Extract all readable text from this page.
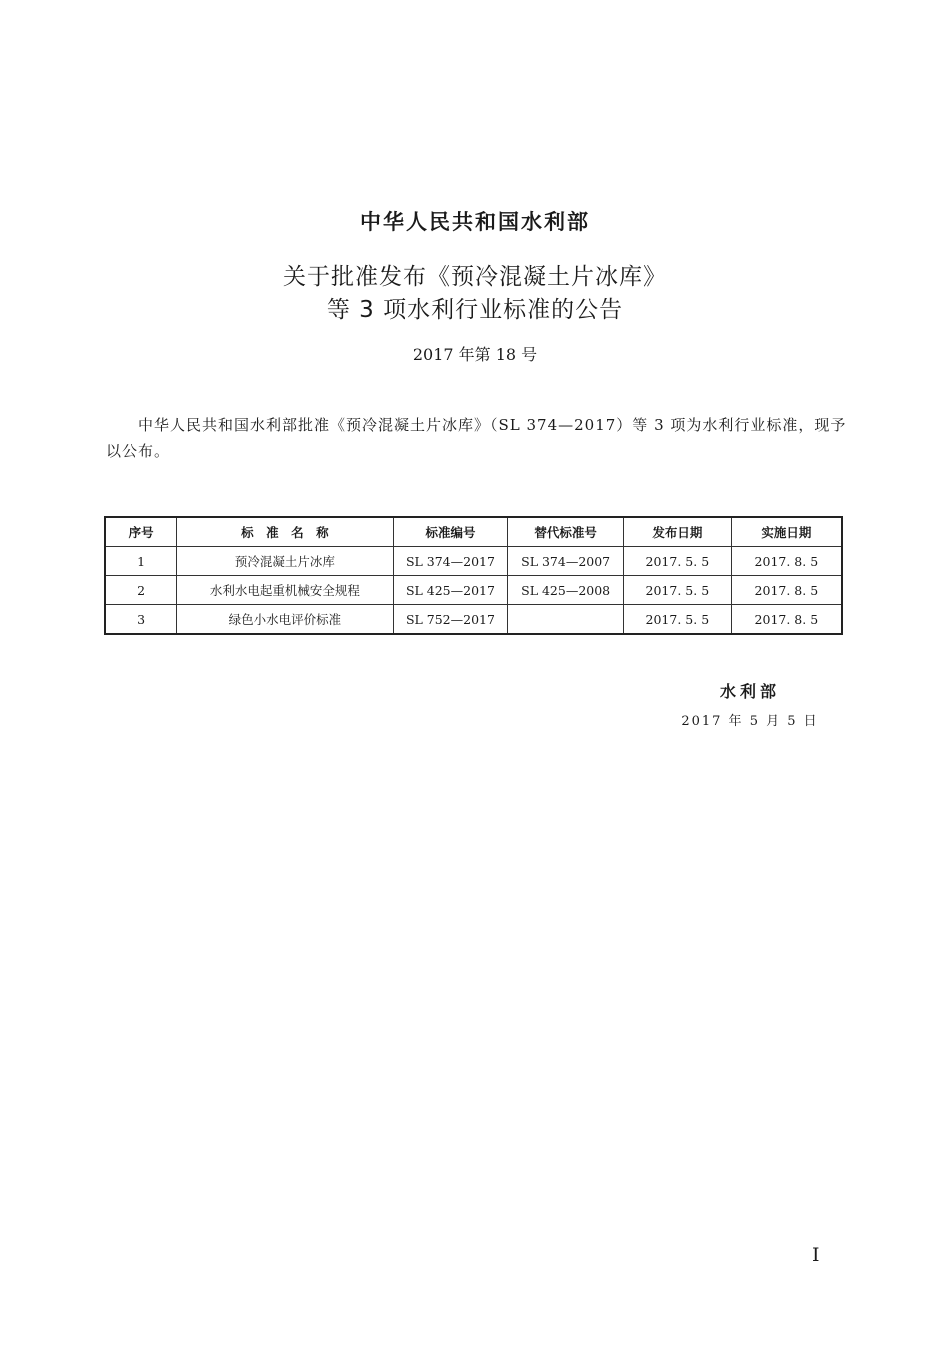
中华人民共和国水利部
关于批准发布《预冷混凝土片冰库》
等 3 项水利行业标准的公告
2017 年第 18 号
中华人民共和国水利部批准《预冷混凝土片冰库》（SL 374—2017）等 3 项为水利行业标准，现予以公布。
序号	标　准　名　称	标准编号	替代标准号	发布日期	实施日期
1	预冷混凝土片冰库	SL 374—2017	SL 374—2007	2017. 5. 5	2017. 8. 5
2	水利水电起重机械安全规程	SL 425—2017	SL 425—2008	2017. 5. 5	2017. 8. 5
3	绿色小水电评价标准	SL 752—2017		2017. 5. 5	2017. 8. 5
水利部
2017 年 5 月 5 日
I
